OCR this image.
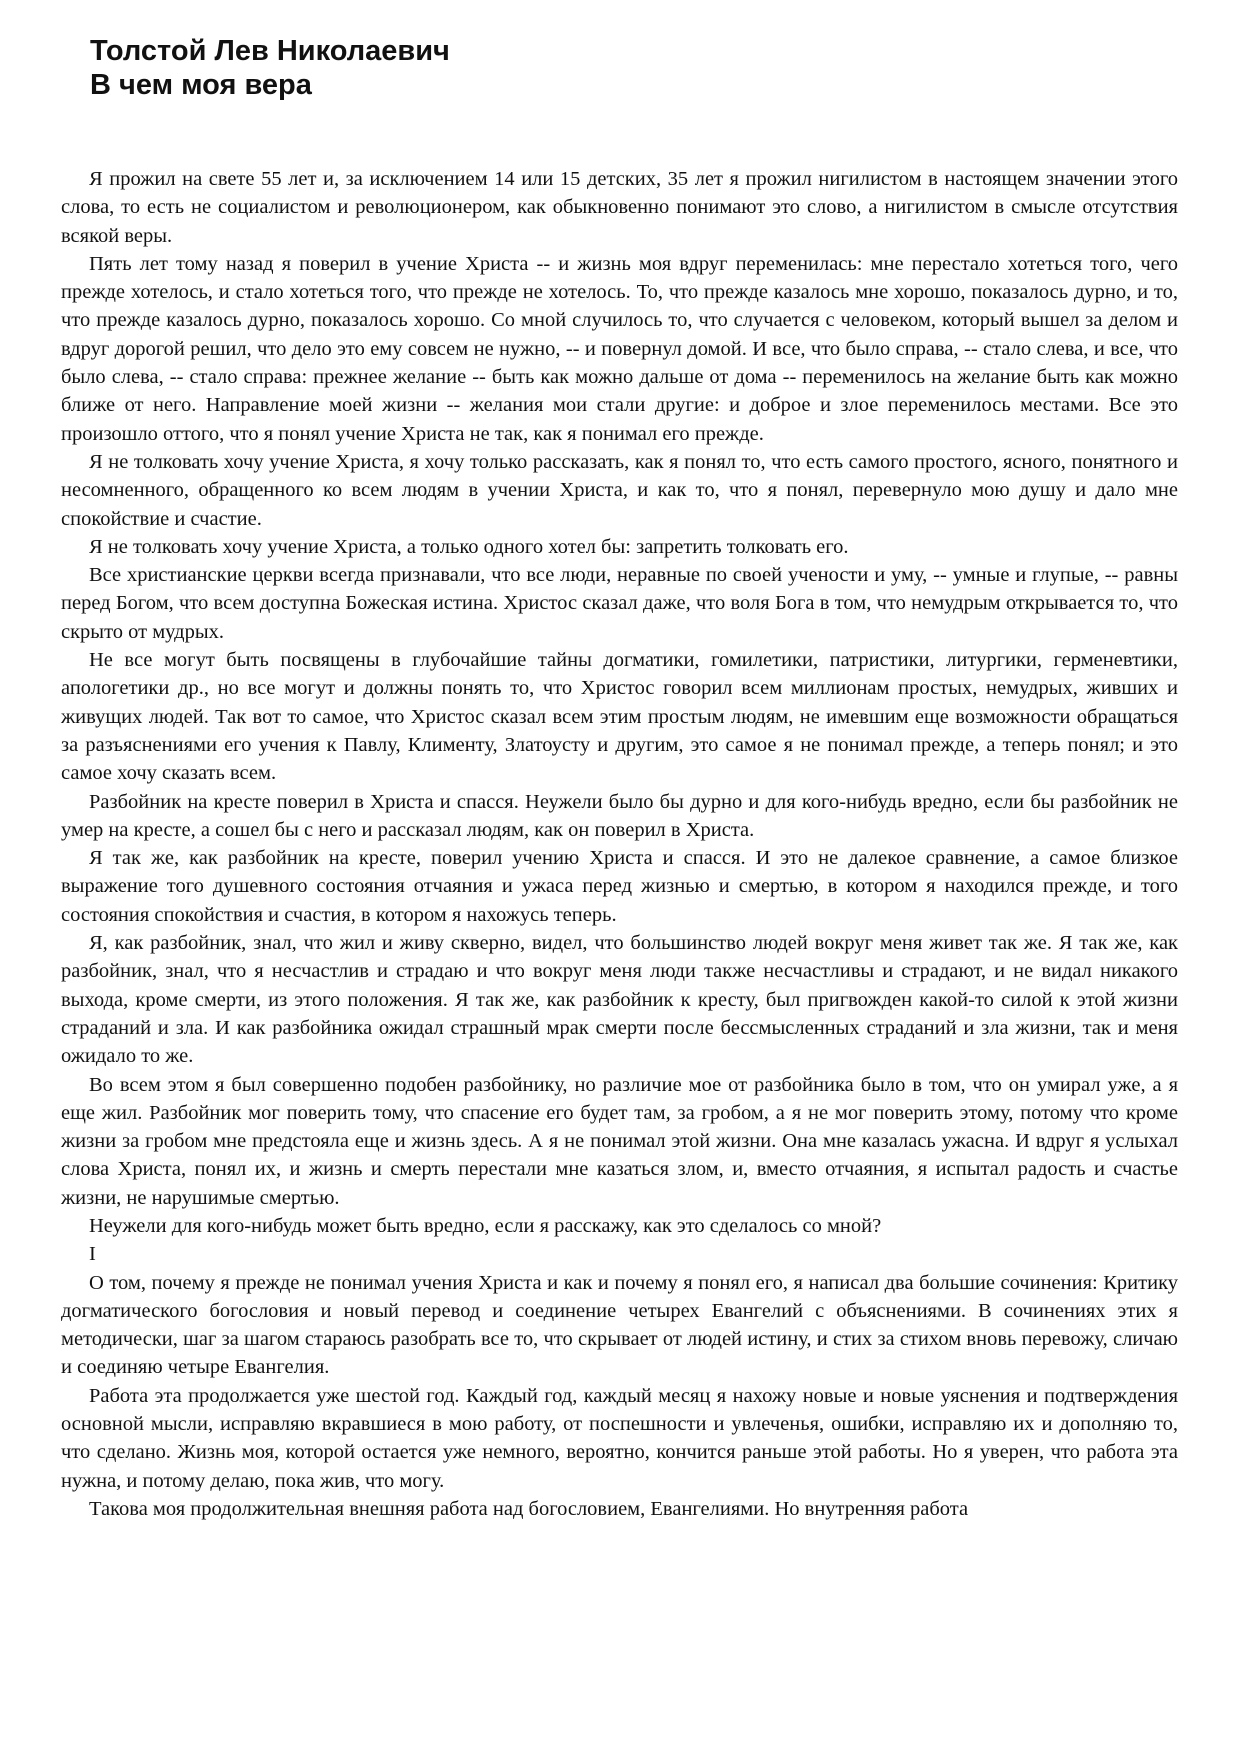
Толстой Лев Николаевич
В чем моя вера

Я прожил на свете 55 лет и, за исключением 14 или 15 детских, 35 лет я прожил нигилистом в настоящем значении этого слова, то есть не социалистом и революционером, как обыкновенно понимают это слово, а нигилистом в смысле отсутствия всякой веры.

Пять лет тому назад я поверил в учение Христа -- и жизнь моя вдруг переменилась: мне перестало хотеться того, чего прежде хотелось, и стало хотеться того, что прежде не хотелось. То, что прежде казалось мне хорошо, показалось дурно, и то, что прежде казалось дурно, показалось хорошо. Со мной случилось то, что случается с человеком, который вышел за делом и вдруг дорогой решил, что дело это ему совсем не нужно, -- и повернул домой. И все, что было справа, -- стало слева, и все, что было слева, -- стало справа: прежнее желание -- быть как можно дальше от дома -- переменилось на желание быть как можно ближе от него. Направление моей жизни -- желания мои стали другие: и доброе и злое переменилось местами. Все это произошло оттого, что я понял учение Христа не так, как я понимал его прежде.

Я не толковать хочу учение Христа, я хочу только рассказать, как я понял то, что есть самого простого, ясного, понятного и несомненного, обращенного ко всем людям в учении Христа, и как то, что я понял, перевернуло мою душу и дало мне спокойствие и счастие.

Я не толковать хочу учение Христа, а только одного хотел бы: запретить толковать его.

Все христианские церкви всегда признавали, что все люди, неравные по своей учености и уму, -- умные и глупые, -- равны перед Богом, что всем доступна Божеская истина. Христос сказал даже, что воля Бога в том, что немудрым открывается то, что скрыто от мудрых.

Не все могут быть посвящены в глубочайшие тайны догматики, гомилетики, патристики, литургики, герменевтики, апологетики др., но все могут и должны понять то, что Христос говорил всем миллионам простых, немудрых, живших и живущих людей. Так вот то самое, что Христос сказал всем этим простым людям, не имевшим еще возможности обращаться за разъяснениями его учения к Павлу, Клименту, Златоусту и другим, это самое я не понимал прежде, а теперь понял; и это самое хочу сказать всем.

Разбойник на кресте поверил в Христа и спасся. Неужели было бы дурно и для кого-нибудь вредно, если бы разбойник не умер на кресте, а сошел бы с него и рассказал людям, как он поверил в Христа.

Я так же, как разбойник на кресте, поверил учению Христа и спасся. И это не далекое сравнение, а самое близкое выражение того душевного состояния отчаяния и ужаса перед жизнью и смертью, в котором я находился прежде, и того состояния спокойствия и счастия, в котором я нахожусь теперь.

Я, как разбойник, знал, что жил и живу скверно, видел, что большинство людей вокруг меня живет так же. Я так же, как разбойник, знал, что я несчастлив и страдаю и что вокруг меня люди также несчастливы и страдают, и не видал никакого выхода, кроме смерти, из этого положения. Я так же, как разбойник к кресту, был пригвожден какой-то силой к этой жизни страданий и зла. И как разбойника ожидал страшный мрак смерти после бессмысленных страданий и зла жизни, так и меня ожидало то же.

Во всем этом я был совершенно подобен разбойнику, но различие мое от разбойника было в том, что он умирал уже, а я еще жил. Разбойник мог поверить тому, что спасение его будет там, за гробом, а я не мог поверить этому, потому что кроме жизни за гробом мне предстояла еще и жизнь здесь. А я не понимал этой жизни. Она мне казалась ужасна. И вдруг я услыхал слова Христа, понял их, и жизнь и смерть перестали мне казаться злом, и, вместо отчаяния, я испытал радость и счастье жизни, не нарушимые смертью.

Неужели для кого-нибудь может быть вредно, если я расскажу, как это сделалось со мной?

I

О том, почему я прежде не понимал учения Христа и как и почему я понял его, я написал два большие сочинения: Критику догматического богословия и новый перевод и соединение четырех Евангелий с объяснениями. В сочинениях этих я методически, шаг за шагом стараюсь разобрать все то, что скрывает от людей истину, и стих за стихом вновь перевожу, сличаю и соединяю четыре Евангелия.

Работа эта продолжается уже шестой год. Каждый год, каждый месяц я нахожу новые и новые уяснения и подтверждения основной мысли, исправляю вкравшиеся в мою работу, от поспешности и увлеченья, ошибки, исправляю их и дополняю то, что сделано. Жизнь моя, которой остается уже немного, вероятно, кончится раньше этой работы. Но я уверен, что работа эта нужна, и потому делаю, пока жив, что могу.

Такова моя продолжительная внешняя работа над богословием, Евангелиями. Но внутренняя работа
